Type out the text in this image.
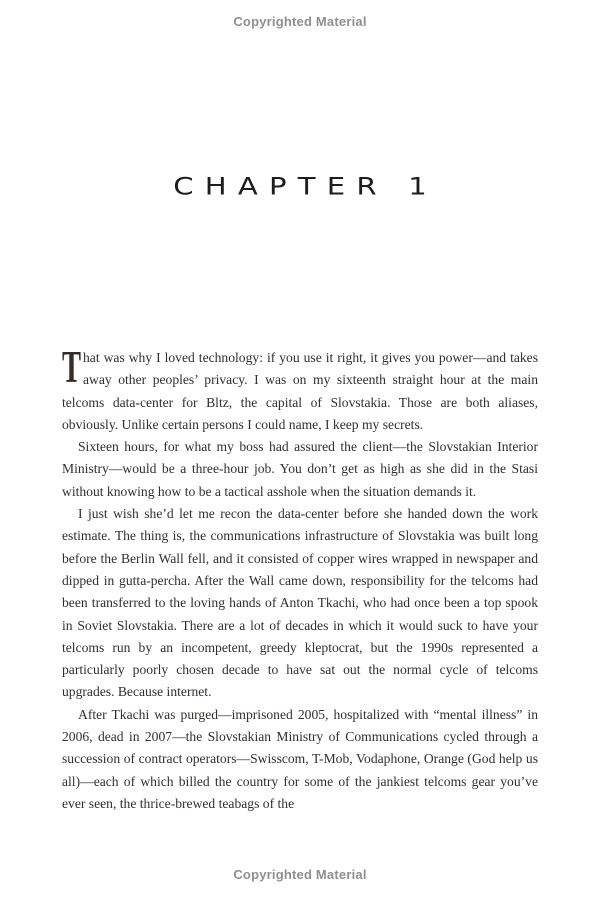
Copyrighted Material
CHAPTER 1

That was why I loved technology: if you use it right, it gives you power—and takes away other peoples’ privacy. I was on my sixteenth straight hour at the main telcoms data-center for Bltz, the capital of Slovstakia. Those are both aliases, obviously. Unlike certain persons I could name, I keep my secrets.

Sixteen hours, for what my boss had assured the client—the Slovstakian Interior Ministry—would be a three-hour job. You don’t get as high as she did in the Stasi without knowing how to be a tactical asshole when the situation demands it.

I just wish she’d let me recon the data-center before she handed down the work estimate. The thing is, the communications infrastructure of Slovstakia was built long before the Berlin Wall fell, and it consisted of copper wires wrapped in newspaper and dipped in gutta-percha. After the Wall came down, responsibility for the telcoms had been transferred to the loving hands of Anton Tkachi, who had once been a top spook in Soviet Slovstakia. There are a lot of decades in which it would suck to have your telcoms run by an incompetent, greedy kleptocrat, but the 1990s represented a particularly poorly chosen decade to have sat out the normal cycle of telcoms upgrades. Because internet.

After Tkachi was purged—imprisoned 2005, hospitalized with “mental illness” in 2006, dead in 2007—the Slovstakian Ministry of Communications cycled through a succession of contract operators—Swisscom, T-Mob, Vodaphone, Orange (God help us all)—each of which billed the country for some of the jankiest telcoms gear you’ve ever seen, the thrice-brewed teabags of the

Copyrighted Material
